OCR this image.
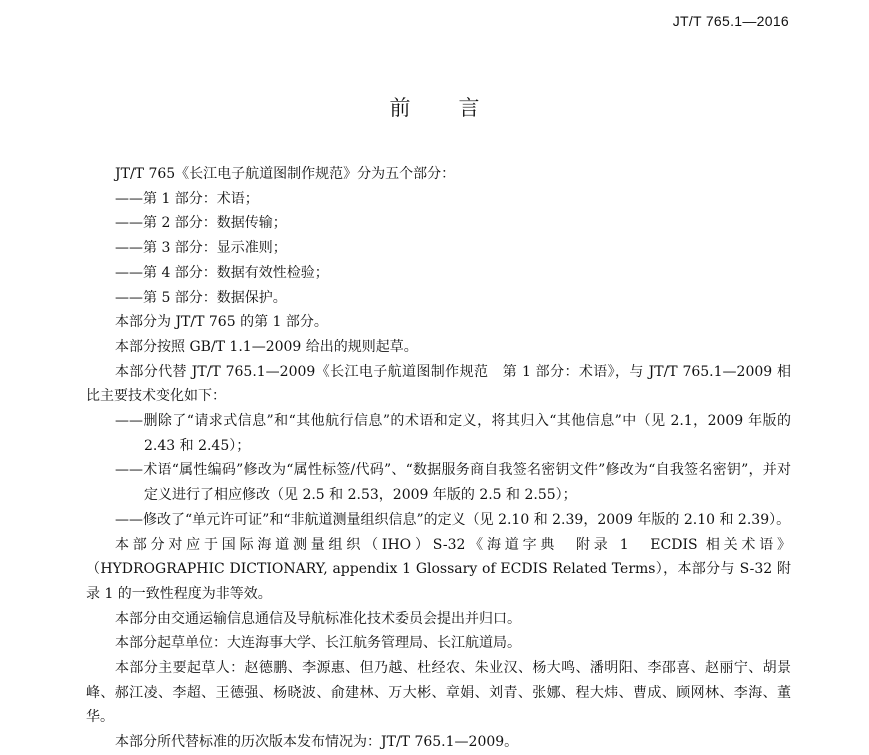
JT/T 765.1—2016
前言
JT/T 765《长江电子航道图制作规范》分为五个部分：
——第 1 部分：术语；
——第 2 部分：数据传输；
——第 3 部分：显示准则；
——第 4 部分：数据有效性检验；
——第 5 部分：数据保护。
本部分为 JT/T 765 的第 1 部分。
本部分按照 GB/T 1.1—2009 给出的规则起草。
本部分代替 JT/T 765.1—2009《长江电子航道图制作规范　第 1 部分：术语》，与 JT/T 765.1—2009 相比主要技术变化如下：
——删除了“请求式信息”和“其他航行信息”的术语和定义，将其归入“其他信息”中（见 2.1，2009 年版的 2.43 和 2.45）；
——术语“属性编码”修改为“属性标签/代码”、“数据服务商自我签名密钥文件”修改为“自我签名密钥”，并对定义进行了相应修改（见 2.5 和 2.53，2009 年版的 2.5 和 2.55）；
——修改了“单元许可证”和“非航道测量组织信息”的定义（见 2.10 和 2.39，2009 年版的 2.10 和 2.39）。
本部分对应于国际海道测量组织（IHO）S-32《海道字典　附录 1　ECDIS 相关术语》（HYDROGRAPHIC DICTIONARY, appendix 1 Glossary of ECDIS Related Terms），本部分与 S-32 附录 1 的一致性程度为非等效。
本部分由交通运输信息通信及导航标准化技术委员会提出并归口。
本部分起草单位：大连海事大学、长江航务管理局、长江航道局。
本部分主要起草人：赵德鹏、李源惠、但乃越、杜经农、朱业汉、杨大鸣、潘明阳、李邵喜、赵丽宁、胡景峰、郝江凌、李超、王德强、杨晓波、俞建林、万大彬、章娟、刘青、张娜、程大炜、曹成、顾网林、李海、董华。
本部分所代替标准的历次版本发布情况为：JT/T 765.1—2009。
